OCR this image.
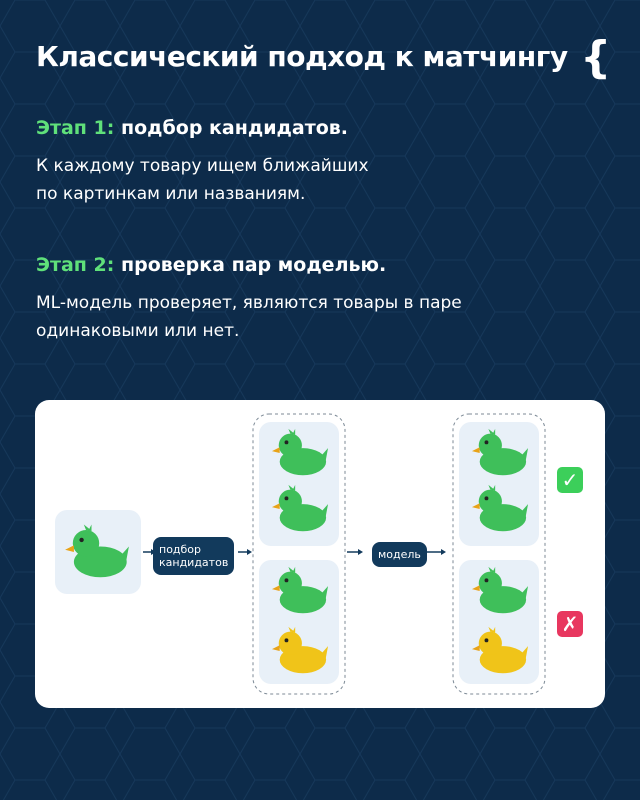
Классический подход к матчингу {
Этап 1: подбор кандидатов.
К каждому товару ищем ближайших
по картинкам или названиям.
Этап 2: проверка пар моделью.
ML-модель проверяет, являются товары в паре
одинаковыми или нет.
подбор
кандидатов
модель
✓
✗
